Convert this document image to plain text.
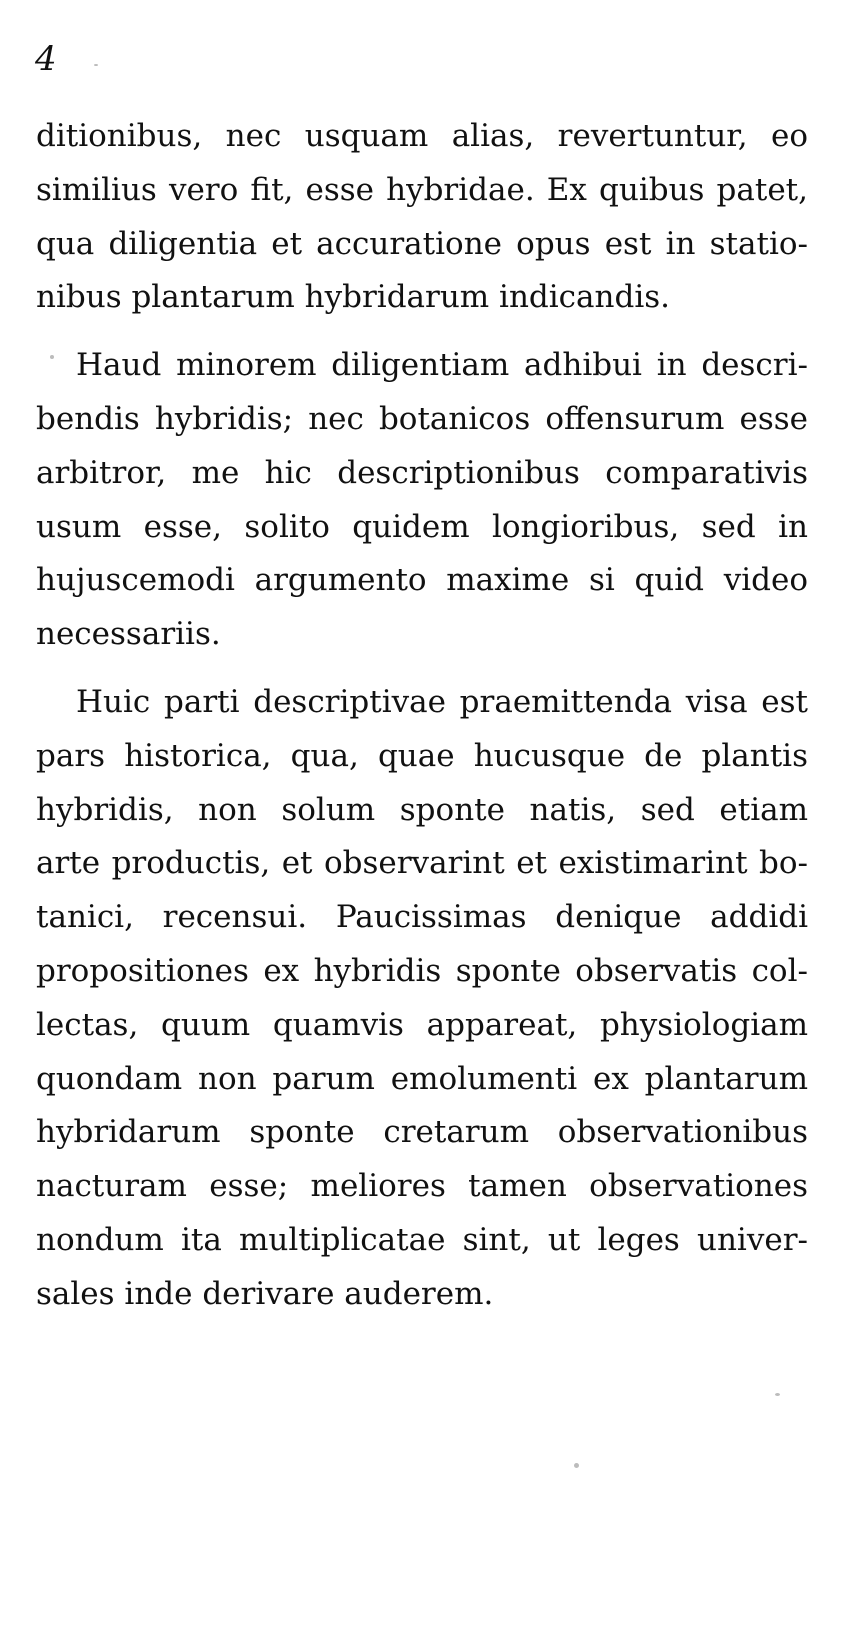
4
ditionibus, nec usquam alias, revertuntur, eo
similius vero fit, esse hybridae. Ex quibus patet,
qua diligentia et accuratione opus est in statio-
nibus plantarum hybridarum indicandis.
Haud minorem diligentiam adhibui in descri-
bendis hybridis; nec botanicos offensurum esse
arbitror, me hic descriptionibus comparativis
usum esse, solito quidem longioribus, sed in
hujuscemodi argumento maxime si quid video
necessariis.
Huic parti descriptivae praemittenda visa est
pars historica, qua, quae hucusque de plantis
hybridis, non solum sponte natis, sed etiam
arte productis, et observarint et existimarint bo-
tanici, recensui. Paucissimas denique addidi
propositiones ex hybridis sponte observatis col-
lectas, quum quamvis appareat, physiologiam
quondam non parum emolumenti ex plantarum
hybridarum sponte cretarum observationibus
nacturam esse; meliores tamen observationes
nondum ita multiplicatae sint, ut leges univer-
sales inde derivare auderem.
